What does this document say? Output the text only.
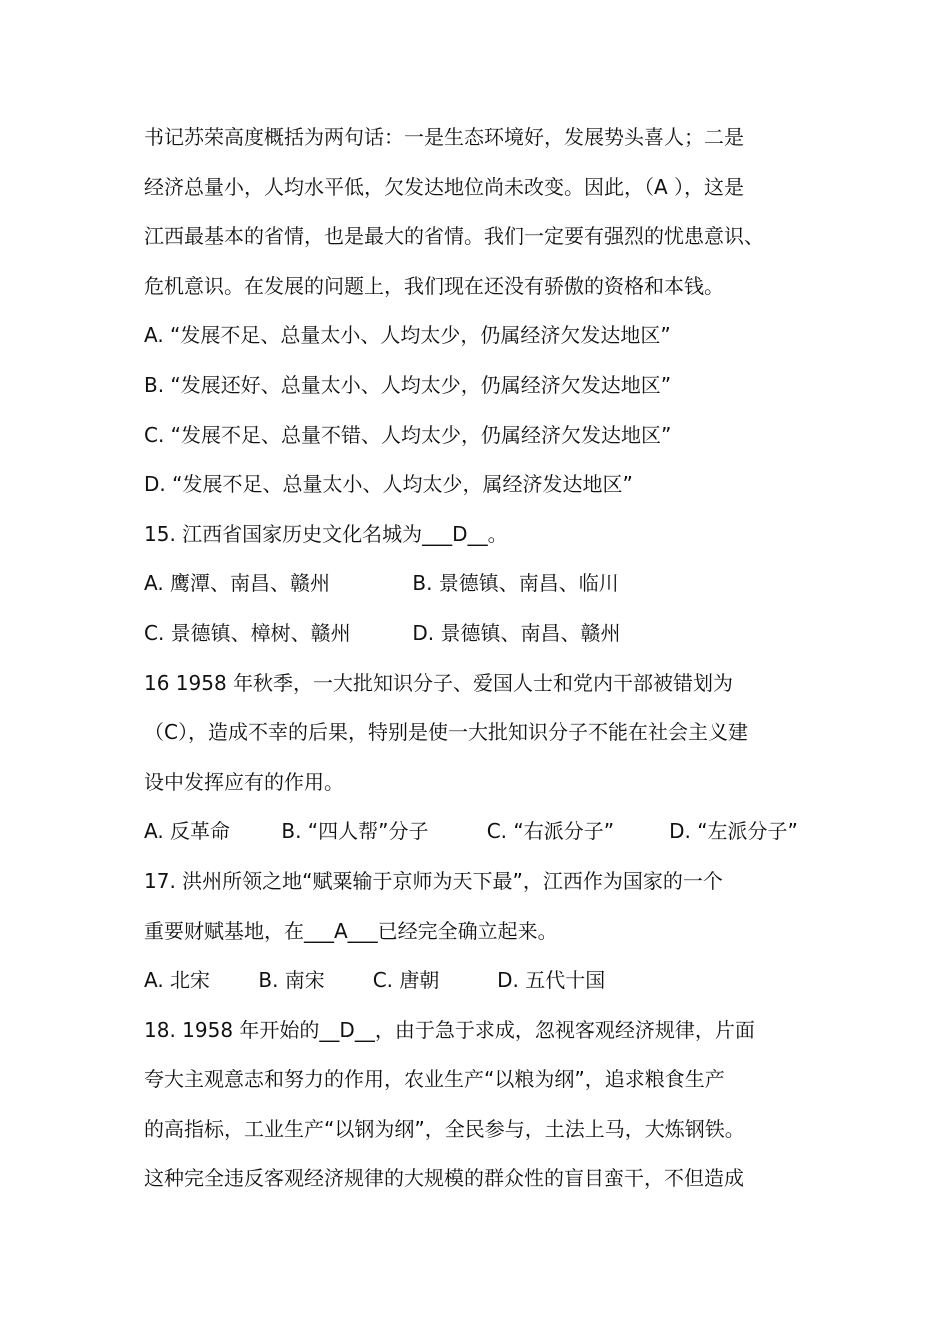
书记苏荣高度概括为两句话：一是生态环境好，发展势头喜人；二是
经济总量小，人均水平低，欠发达地位尚未改变。因此，（A ），这是
江西最基本的省情，也是最大的省情。我们一定要有强烈的忧患意识、
危机意识。在发展的问题上，我们现在还没有骄傲的资格和本钱。
A. “发展不足、总量太小、人均太少，仍属经济欠发达地区”
B. “发展还好、总量太小、人均太少，仍属经济欠发达地区”
C. “发展不足、总量不错、人均太少，仍属经济欠发达地区”
D. “发展不足、总量太小、人均太少，属经济发达地区”
15. 江西省国家历史文化名城为___D__。
A. 鹰潭、南昌、赣州	B. 景德镇、南昌、临川
C. 景德镇、樟树、赣州	D. 景德镇、南昌、赣州
16 1958 年秋季，一大批知识分子、爱国人士和党内干部被错划为
（C），造成不幸的后果，特别是使一大批知识分子不能在社会主义建
设中发挥应有的作用。
A. 反革命	B. “四人帮”分子	C. “右派分子”	D. “左派分子”
17. 洪州所领之地“赋粟输于京师为天下最”，江西作为国家的一个
重要财赋基地，在___A___已经完全确立起来。
A. 北宋 B. 南宋 C. 唐朝	D. 五代十国
18. 1958 年开始的__D__，由于急于求成，忽视客观经济规律，片面
夸大主观意志和努力的作用，农业生产“以粮为纲”，追求粮食生产
的高指标，工业生产“以钢为纲”，全民参与，土法上马，大炼钢铁。
这种完全违反客观经济规律的大规模的群众性的盲目蛮干，不但造成
